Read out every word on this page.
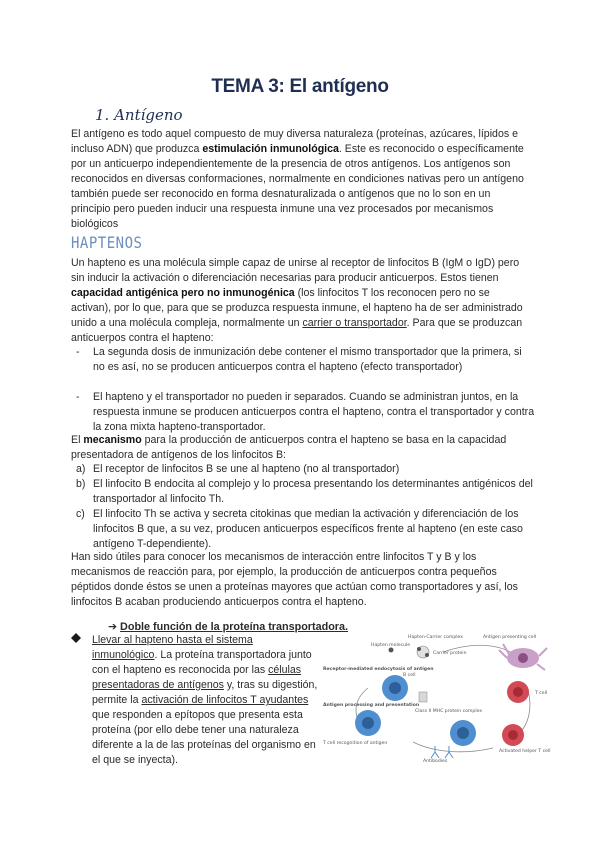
TEMA 3: El antígeno
1. Antígeno

El antígeno es todo aquel compuesto de muy diversa naturaleza (proteínas, azúcares, lípidos e incluso ADN) que produzca estimulación inmunológica. Este es reconocido o específicamente por un anticuerpo independientemente de la presencia de otros antígenos. Los antígenos son reconocidos en diversas conformaciones, normalmente en condiciones nativas pero un antígeno también puede ser reconocido en forma desnaturalizada o antígenos que no lo son en un principio pero pueden inducir una respuesta inmune una vez procesados por mecanismos biológicos

HAPTENOS

Un hapteno es una molécula simple capaz de unirse al receptor de linfocitos B (IgM o IgD) pero sin inducir la activación o diferenciación necesarias para producir anticuerpos. Estos tienen capacidad antigénica pero no inmunogénica (los linfocitos T los reconocen pero no se activan), por lo que, para que se produzca respuesta inmune, el hapteno ha de ser administrado unido a una molécula compleja, normalmente un carrier o transportador. Para que se produzcan anticuerpos contra el hapteno:

- La segunda dosis de inmunización debe contener el mismo transportador que la primera, si no es así, no se producen anticuerpos contra el hapteno (efecto transportador)
- El hapteno y el transportador no pueden ir separados. Cuando se administran juntos, en la respuesta inmune se producen anticuerpos contra el hapteno, contra el transportador y contra la zona mixta hapteno-transportador.

El mecanismo para la producción de anticuerpos contra el hapteno se basa en la capacidad presentadora de antígenos de los linfocitos B:

a) El receptor de linfocitos B se une al hapteno (no al transportador)
b) El linfocito B endocita al complejo y lo procesa presentando los determinantes antigénicos del transportador al linfocito Th.
c) El linfocito Th se activa y secreta citokinas que median la activación y diferenciación de los linfocitos B que, a su vez, producen anticuerpos específicos frente al hapteno (en este caso antígeno T-dependiente).

Han sido útiles para conocer los mecanismos de interacción entre linfocitos T y B y los mecanismos de reacción para, por ejemplo, la producción de anticuerpos contra pequeños péptidos donde éstos se unen a proteínas mayores que actúan como transportadores y así, los linfocitos B acaban produciendo anticuerpos contra el hapteno.

➔ Doble función de la proteína transportadora.
Llevar al hapteno hasta el sistema inmunológico. La proteína transportadora junto con el hapteno es reconocida por las células presentadoras de antígenos y, tras su digestión, permite la activación de linfocitos T ayudantes que responden a epítopos que presenta esta proteína (por ello debe tener una naturaleza diferente a la de las proteínas del organismo en el que se inyecta).
Hapten-Carrier complex	Antigen presenting cell
Hapten molecule
Carrier protein
Receptor-mediated endocytosis of antigen
B cell
T cell
Class II MHC protein complex
Antigen processing and presentation
Activated helper T cell
T cell recognition of antigen
Antibodies
